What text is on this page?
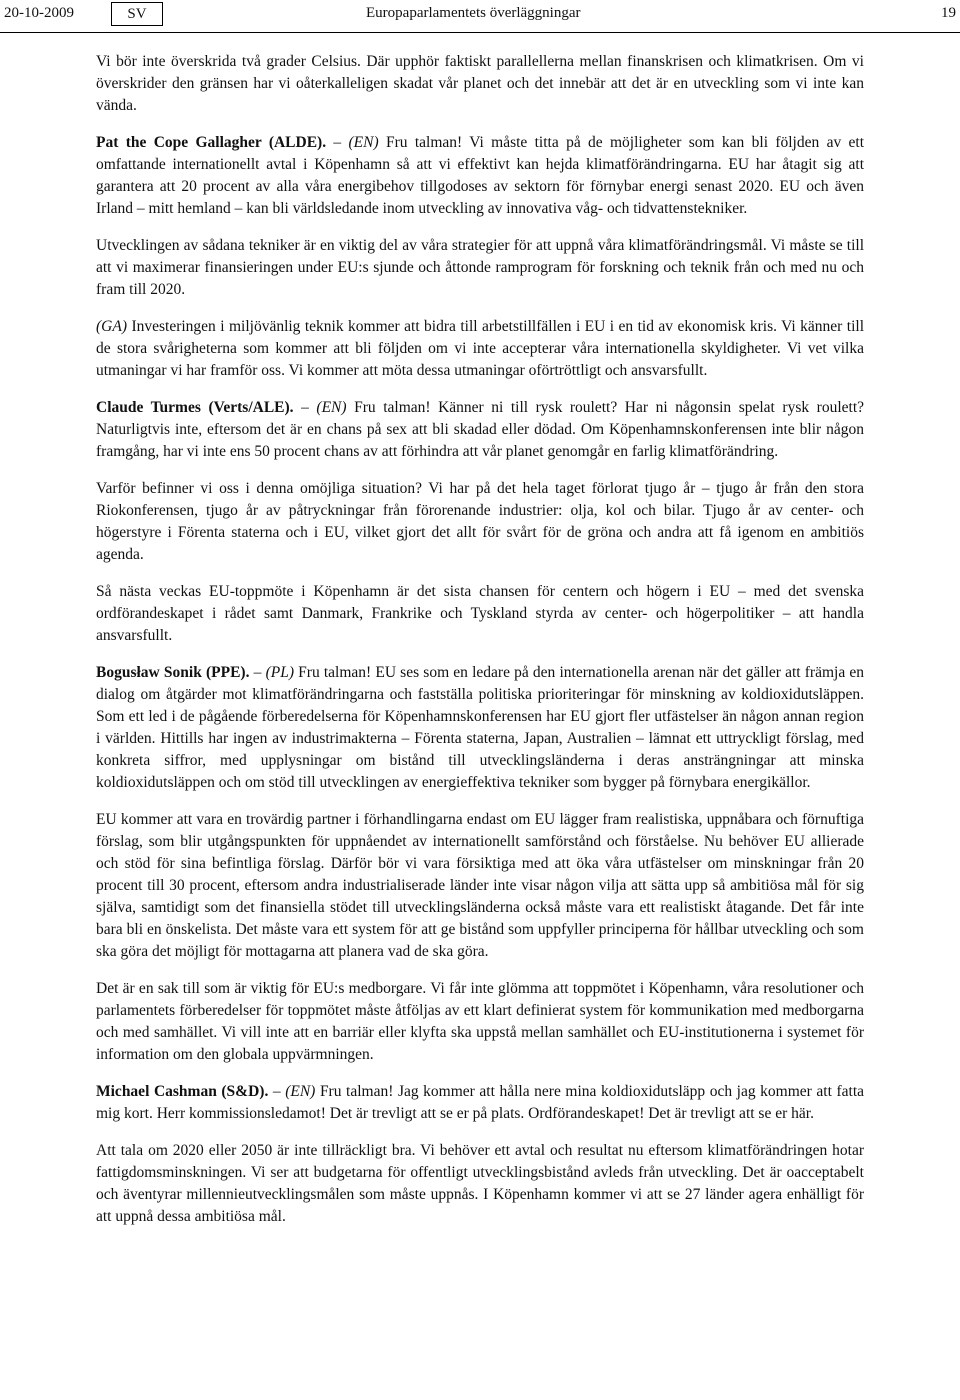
20-10-2009	SV	Europaparlamentets överläggningar	19

Vi bör inte överskrida två grader Celsius. Där upphör faktiskt parallellerna mellan finanskrisen och klimatkrisen. Om vi överskrider den gränsen har vi oåterkalleligen skadat vår planet och det innebär att det är en utveckling som vi inte kan vända.

Pat the Cope Gallagher (ALDE). – (EN) Fru talman! Vi måste titta på de möjligheter som kan bli följden av ett omfattande internationellt avtal i Köpenhamn så att vi effektivt kan hejda klimatförändringarna. EU har åtagit sig att garantera att 20 procent av alla våra energibehov tillgodoses av sektorn för förnybar energi senast 2020. EU och även Irland – mitt hemland – kan bli världsledande inom utveckling av innovativa våg- och tidvattenstekniker.

Utvecklingen av sådana tekniker är en viktig del av våra strategier för att uppnå våra klimatförändringsmål. Vi måste se till att vi maximerar finansieringen under EU:s sjunde och åttonde ramprogram för forskning och teknik från och med nu och fram till 2020.

(GA) Investeringen i miljövänlig teknik kommer att bidra till arbetstillfällen i EU i en tid av ekonomisk kris. Vi känner till de stora svårigheterna som kommer att bli följden om vi inte accepterar våra internationella skyldigheter. Vi vet vilka utmaningar vi har framför oss. Vi kommer att möta dessa utmaningar oförtröttligt och ansvarsfullt.

Claude Turmes (Verts/ALE). – (EN) Fru talman! Känner ni till rysk roulett? Har ni någonsin spelat rysk roulett? Naturligtvis inte, eftersom det är en chans på sex att bli skadad eller dödad. Om Köpenhamnskonferensen inte blir någon framgång, har vi inte ens 50 procent chans av att förhindra att vår planet genomgår en farlig klimatförändring.

Varför befinner vi oss i denna omöjliga situation? Vi har på det hela taget förlorat tjugo år – tjugo år från den stora Riokonferensen, tjugo år av påtryckningar från förorenande industrier: olja, kol och bilar. Tjugo år av center- och högerstyre i Förenta staterna och i EU, vilket gjort det allt för svårt för de gröna och andra att få igenom en ambitiös agenda.

Så nästa veckas EU-toppmöte i Köpenhamn är det sista chansen för centern och högern i EU – med det svenska ordförandeskapet i rådet samt Danmark, Frankrike och Tyskland styrda av center- och högerpolitiker – att handla ansvarsfullt.

Bogusław Sonik (PPE). – (PL) Fru talman! EU ses som en ledare på den internationella arenan när det gäller att främja en dialog om åtgärder mot klimatförändringarna och fastställa politiska prioriteringar för minskning av koldioxidutsläppen. Som ett led i de pågående förberedelserna för Köpenhamnskonferensen har EU gjort fler utfästelser än någon annan region i världen. Hittills har ingen av industrimakterna – Förenta staterna, Japan, Australien – lämnat ett uttryckligt förslag, med konkreta siffror, med upplysningar om bistånd till utvecklingsländerna i deras ansträngningar att minska koldioxidutsläppen och om stöd till utvecklingen av energieffektiva tekniker som bygger på förnybara energikällor.

EU kommer att vara en trovärdig partner i förhandlingarna endast om EU lägger fram realistiska, uppnåbara och förnuftiga förslag, som blir utgångspunkten för uppnåendet av internationellt samförstånd och förståelse. Nu behöver EU allierade och stöd för sina befintliga förslag. Därför bör vi vara försiktiga med att öka våra utfästelser om minskningar från 20 procent till 30 procent, eftersom andra industrialiserade länder inte visar någon vilja att sätta upp så ambitiösa mål för sig själva, samtidigt som det finansiella stödet till utvecklingsländerna också måste vara ett realistiskt åtagande. Det får inte bara bli en önskelista. Det måste vara ett system för att ge bistånd som uppfyller principerna för hållbar utveckling och som ska göra det möjligt för mottagarna att planera vad de ska göra.

Det är en sak till som är viktig för EU:s medborgare. Vi får inte glömma att toppmötet i Köpenhamn, våra resolutioner och parlamentets förberedelser för toppmötet måste åtföljas av ett klart definierat system för kommunikation med medborgarna och med samhället. Vi vill inte att en barriär eller klyfta ska uppstå mellan samhället och EU-institutionerna i systemet för information om den globala uppvärmningen.

Michael Cashman (S&D). – (EN) Fru talman! Jag kommer att hålla nere mina koldioxidutsläpp och jag kommer att fatta mig kort. Herr kommissionsledamot! Det är trevligt att se er på plats. Ordförandeskapet! Det är trevligt att se er här.

Att tala om 2020 eller 2050 är inte tillräckligt bra. Vi behöver ett avtal och resultat nu eftersom klimatförändringen hotar fattigdomsminskningen. Vi ser att budgetarna för offentligt utvecklingsbistånd avleds från utveckling. Det är oacceptabelt och äventyrar millennieutvecklingsmålen som måste uppnås. I Köpenhamn kommer vi att se 27 länder agera enhälligt för att uppnå dessa ambitiösa mål.
